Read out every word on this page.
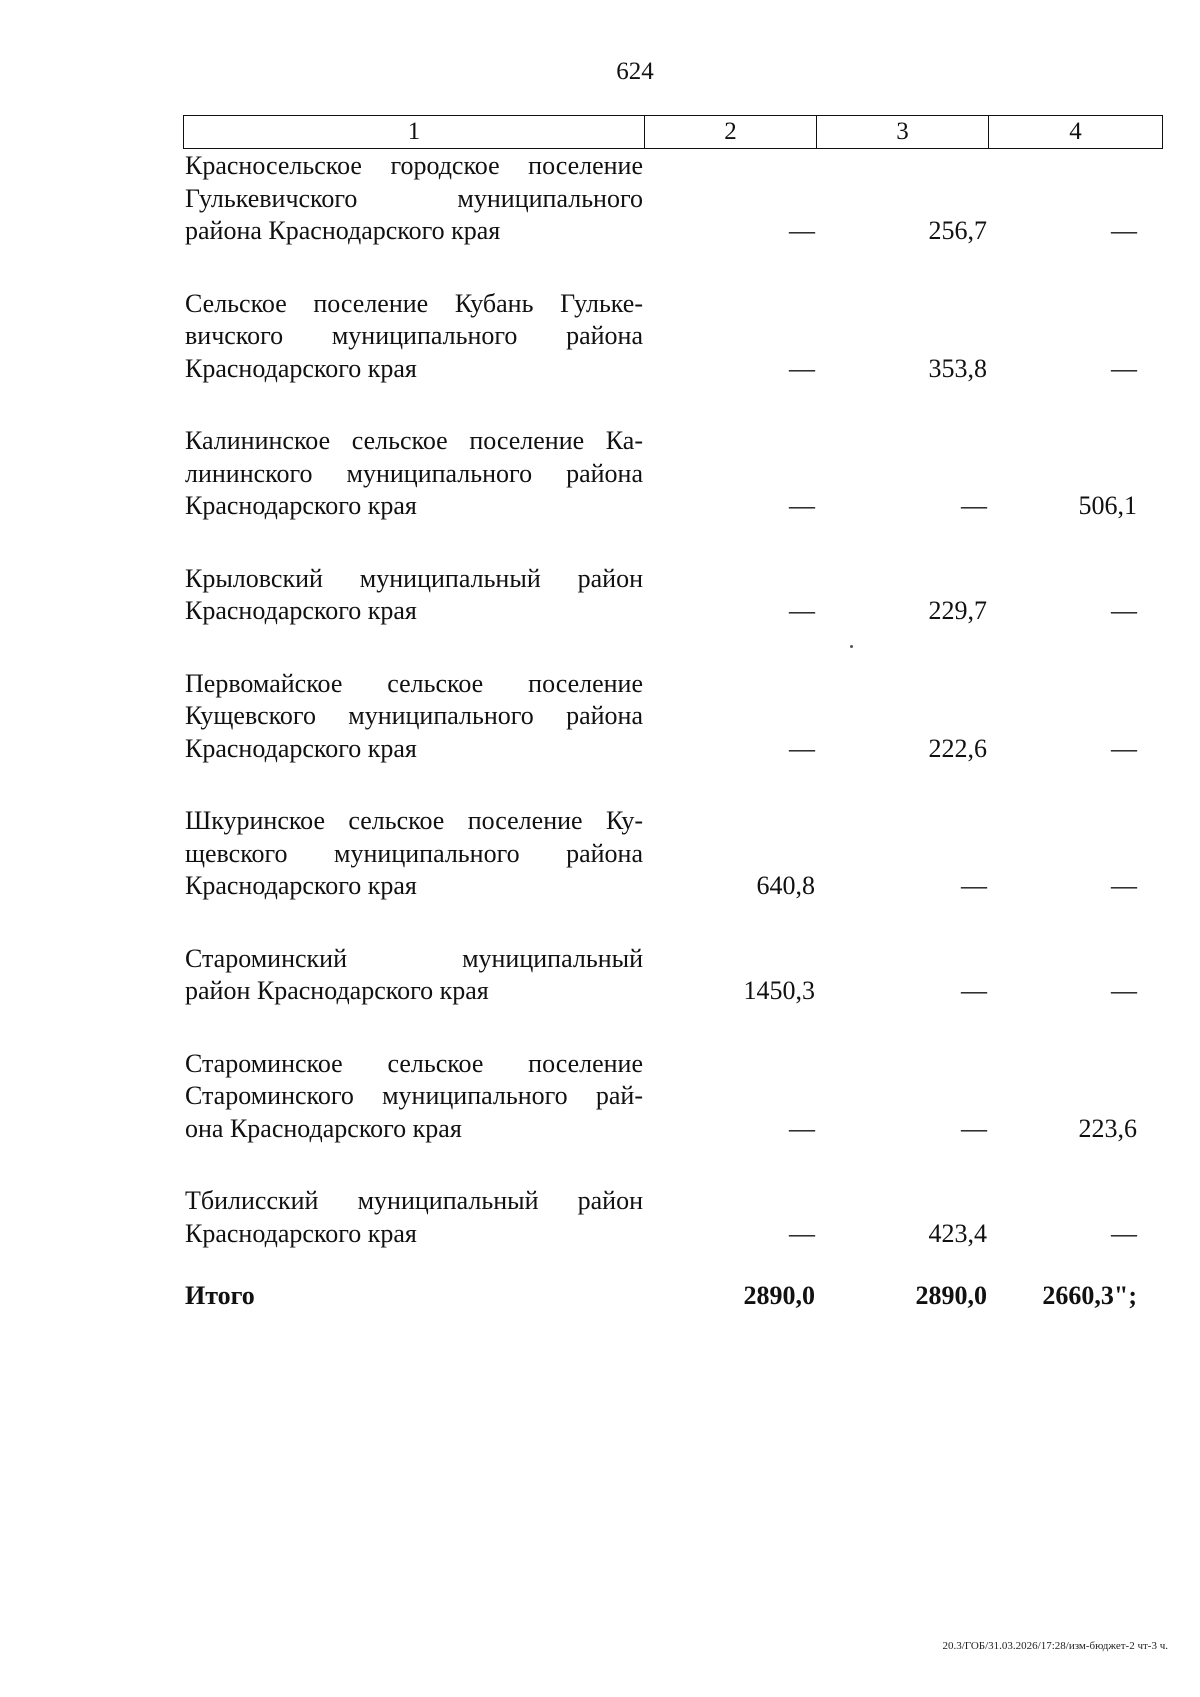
624
1	2	3	4
Красносельское городское поселение
Гулькевичского муниципального
района Краснодарского края	—	256,7	—
Сельское поселение Кубань Гульке-
вичского муниципального района
Краснодарского края	—	353,8	—
Калининское сельское поселение Ка-
лининского муниципального района
Краснодарского края	—	—	506,1
Крыловский муниципальный район
Краснодарского края	—	229,7	—
Первомайское сельское поселение
Кущевского муниципального района
Краснодарского края	—	222,6	—
Шкуринское сельское поселение Ку-
щевского муниципального района
Краснодарского края	640,8	—	—
Староминский муниципальный
район Краснодарского края	1450,3	—	—
Староминское сельское поселение
Староминского муниципального рай-
она Краснодарского края	—	—	223,6
Тбилисский муниципальный район
Краснодарского края	—	423,4	—
Итого	2890,0	2890,0	2660,3";
20.3/ГОБ/31.03.2026/17:28/изм-бюджет-2 чт-3 ч.
